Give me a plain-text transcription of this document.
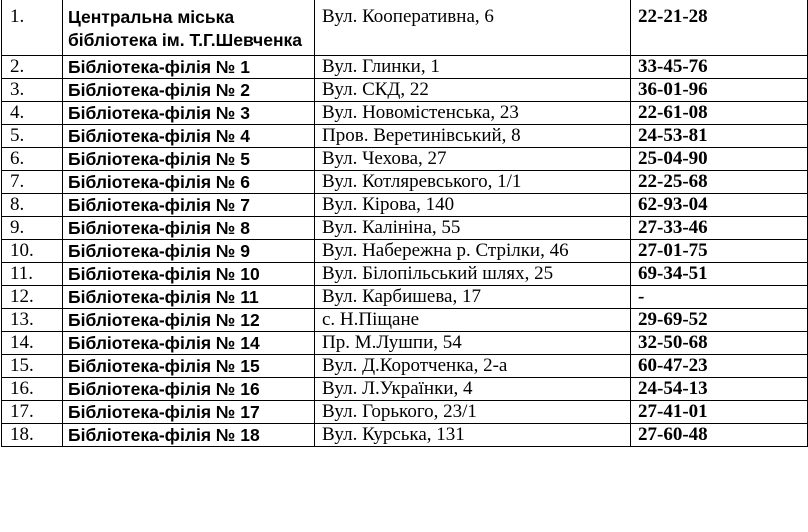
1.	Центральна міська бібліотека ім. Т.Г.Шевченка	Вул. Кооперативна, 6	22-21-28
2.	Бібліотека-філія № 1	Вул. Глинки, 1	33-45-76
3.	Бібліотека-філія № 2	Вул. СКД, 22	36-01-96
4.	Бібліотека-філія № 3	Вул. Новомістенська, 23	22-61-08
5.	Бібліотека-філія № 4	Пров. Веретинівський, 8	24-53-81
6.	Бібліотека-філія № 5	Вул. Чехова, 27	25-04-90
7.	Бібліотека-філія № 6	Вул. Котляревського, 1/1	22-25-68
8.	Бібліотека-філія № 7	Вул. Кірова, 140	62-93-04
9.	Бібліотека-філія № 8	Вул. Калініна, 55	27-33-46
10.	Бібліотека-філія № 9	Вул. Набережна р. Стрілки, 46	27-01-75
11.	Бібліотека-філія № 10	Вул. Білопільський шлях, 25	69-34-51
12.	Бібліотека-філія № 11	Вул. Карбишева, 17	-
13.	Бібліотека-філія № 12	с. Н.Піщане	29-69-52
14.	Бібліотека-філія № 14	Пр. М.Лушпи, 54	32-50-68
15.	Бібліотека-філія № 15	Вул. Д.Коротченка, 2-а	60-47-23
16.	Бібліотека-філія № 16	Вул. Л.Українки, 4	24-54-13
17.	Бібліотека-філія № 17	Вул. Горького, 23/1	27-41-01
18.	Бібліотека-філія № 18	Вул. Курська, 131	27-60-48
